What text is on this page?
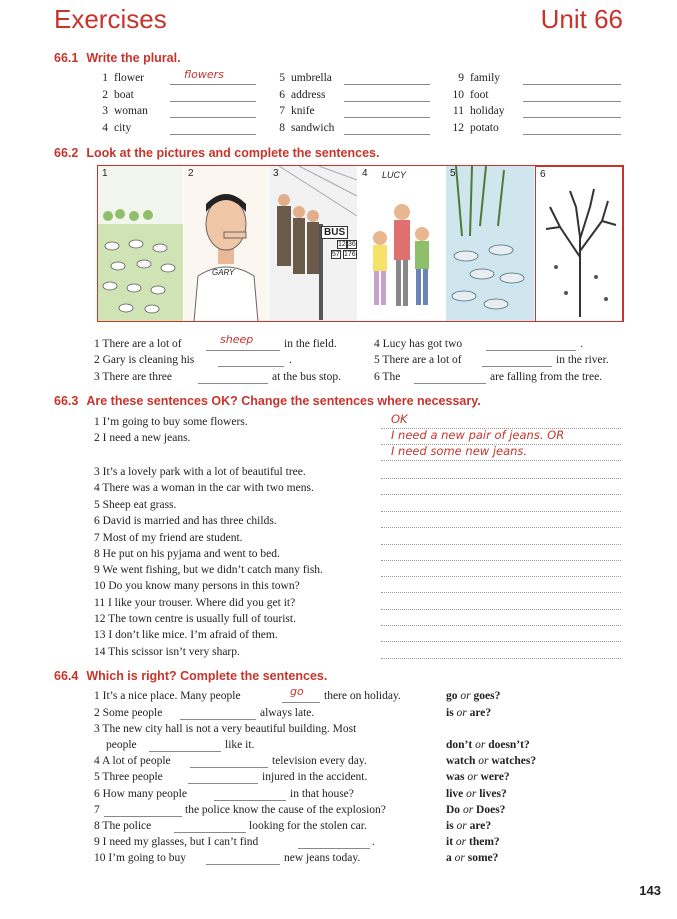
Exercises	Unit 66
66.1 Write the plural.
1 flower	flowers
2 boat
3 woman
4 city
5 umbrella
6 address
7 knife
8 sandwich
9 family
10 foot
11 holiday
12 potato
66.2 Look at the pictures and complete the sentences.
1	2
GARY
3
BUS
12 36
57 176
4 LUCY	5	6
1 There are a lot of	sheep	in the field.
2 Gary is cleaning his	.
3 There are three	at the bus stop.
4 Lucy has got two	.
5 There are a lot of	in the river.
6 The	are falling from the tree.
66.3 Are these sentences OK? Change the sentences where necessary.
1 I’m going to buy some flowers.	OK
2 I need a new jeans.	I need a new pair of jeans. OR
I need some new jeans.
3 It’s a lovely park with a lot of beautiful tree.
4 There was a woman in the car with two mens.
5 Sheep eat grass.
6 David is married and has three childs.
7 Most of my friend are student.
8 He put on his pyjama and went to bed.
9 We went fishing, but we didn’t catch many fish.
10 Do you know many persons in this town?
11 I like your trouser. Where did you get it?
12 The town centre is usually full of tourist.
13 I don’t like mice. I’m afraid of them.
14 This scissor isn’t very sharp.
66.4 Which is right? Complete the sentences.
1 It’s a nice place. Many people	go there on holiday.	go or goes?
2 Some people	always late.	is or are?
3 The new city hall is not a very beautiful building. Most
people	like it.	don’t or doesn’t?
4 A lot of people	television every day.	watch or watches?
5 Three people	injured in the accident.	was or were?
6 How many people	in that house?	live or lives?
7	the police know the cause of the explosion?	Do or Does?
8 The police	looking for the stolen car.	is or are?
9 I need my glasses, but I can’t find	.	it or them?
10 I’m going to buy	new jeans today.	a or some?
143
